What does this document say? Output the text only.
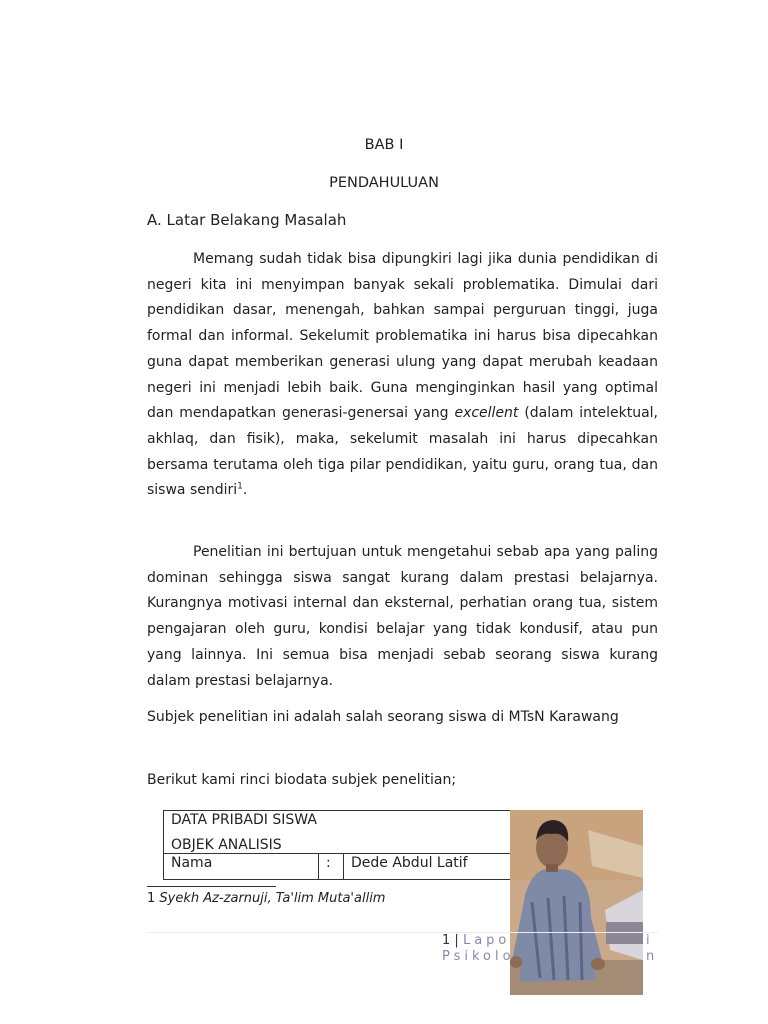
BAB I
PENDAHULUAN
A. Latar Belakang Masalah
Memang sudah tidak bisa dipungkiri lagi jika dunia pendidikan di negeri kita ini menyimpan banyak sekali problematika. Dimulai dari pendidikan dasar, menengah, bahkan sampai perguruan tinggi, juga formal dan informal. Sekelumit problematika ini harus bisa dipecahkan guna dapat memberikan generasi ulung yang dapat merubah keadaan negeri ini menjadi lebih baik. Guna menginginkan hasil yang optimal dan mendapatkan generasi-genersai yang excellent (dalam intelektual, akhlaq, dan fisik), maka, sekelumit masalah ini harus dipecahkan bersama terutama oleh tiga pilar pendidikan, yaitu guru, orang tua, dan siswa sendiri$^1$.
Penelitian ini bertujuan untuk mengetahui sebab apa yang paling dominan sehingga siswa sangat kurang dalam prestasi belajarnya. Kurangnya motivasi internal dan eksternal, perhatian orang tua, sistem pengajaran oleh guru, kondisi belajar yang tidak kondusif, atau pun yang lainnya. Ini semua bisa menjadi sebab seorang siswa kurang dalam prestasi belajarnya.
Subjek penelitian ini adalah salah seorang siswa di MTsN Karawang
Berikut kami rinci biodata subjek penelitian;
DATA PRIBADI SISWA
OBJEK ANALISIS
Nama	: Dede Abdul Latif
1 Syekh Az-zarnuji, Ta'lim Muta'allim
1 | Lapo
Psikolo
i
n
